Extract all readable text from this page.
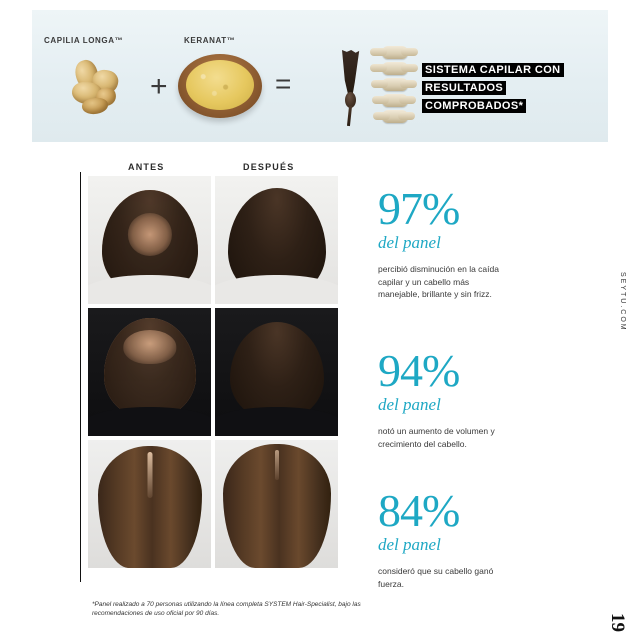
CAPILIA LONGA™	KERANAT™
+	=	SISTEMA CAPILAR CON RESULTADOS COMPROBADOS*
ANTES	DESPUÉS
97%
del panel
percibió disminución en la caída capilar y un cabello más manejable, brillante y sin frizz.
94%
del panel
notó un aumento de volumen y crecimiento del cabello.
84%
del panel
consideró que su cabello ganó fuerza.
*Panel realizado a 70 personas utilizando la línea completa SYSTEM Hair-Specialist, bajo las recomendaciones de uso oficial por 90 días.
SEYTU.COM
19
